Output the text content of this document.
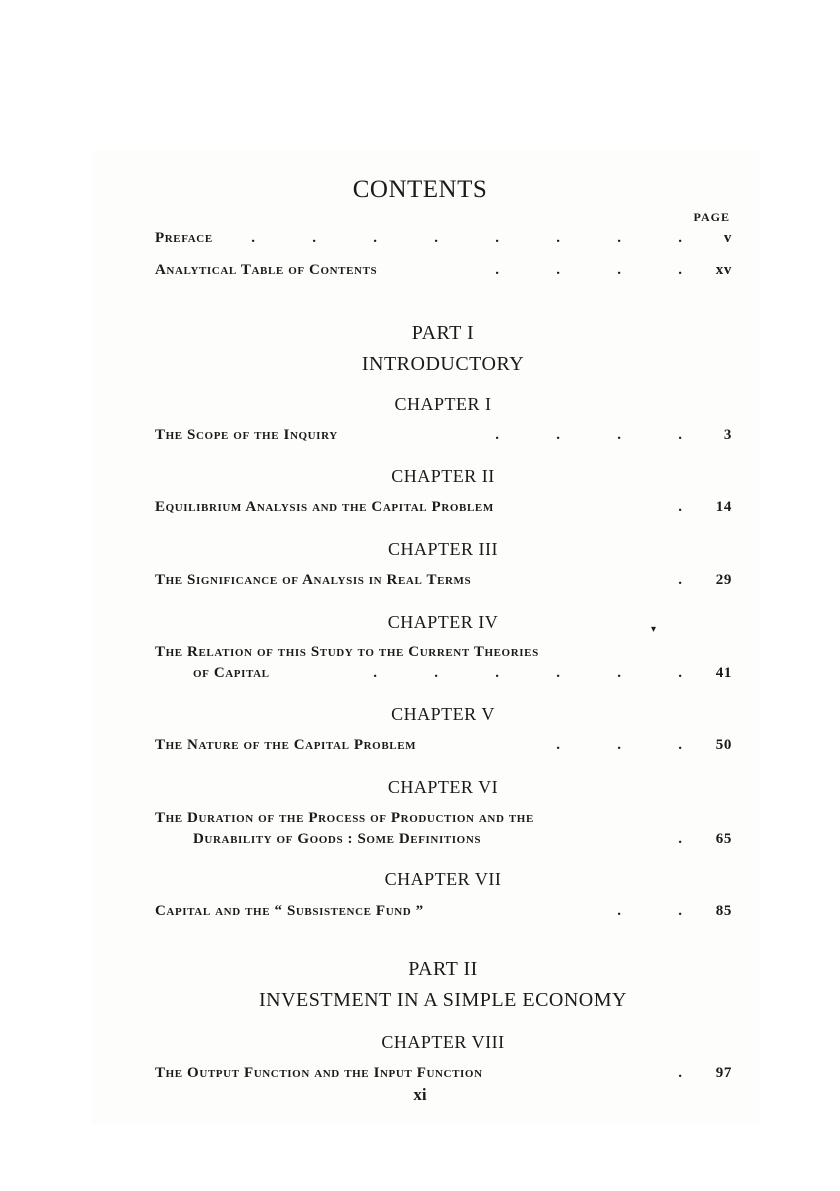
CONTENTS
PAGE
Preface	.	.	.	.	.	.	.	.	v
Analytical Table of Contents	.	.	.	.	xv
PART I
INTRODUCTORY
CHAPTER I
The Scope of the Inquiry	.	.	.	.	3
CHAPTER II
Equilibrium Analysis and the Capital Problem	.	14
CHAPTER III
The Significance of Analysis in Real Terms	.	29
CHAPTER IV	▾
The Relation of this Study to the Current Theories
of Capital	.	.	.	.	.	.	41
CHAPTER V
The Nature of the Capital Problem	.	.	.	50
CHAPTER VI
The Duration of the Process of Production and the
Durability of Goods : Some Definitions	.	65
CHAPTER VII
Capital and the “ Subsistence Fund ”	.	.	85
PART II
INVESTMENT IN A SIMPLE ECONOMY
CHAPTER VIII
The Output Function and the Input Function	.	97
xi
